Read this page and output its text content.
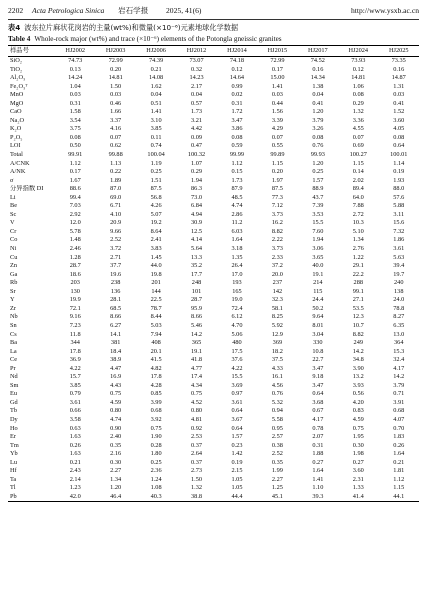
2202 Acta Petrologica Sinica 岩石学报 2025, 41(6)	http://www.ysxb.ac.cn
表4 波东拉片麻状花岗岩的主量(wt%)和微量(×10⁻⁶)元素地球化学数据
Table 4 Whole-rock major (wt%) and trace (×10⁻⁶) elements of the Potongla gneissic granites
样品号	HJ2002	HJ2003	HJ2006	HJ2012	HJ2014	HJ2015	HJ2017	HJ2024	HJ2025
SiO₂	74.73	72.99	74.39	73.07	74.18	72.99	74.52	73.93	73.35
TiO₂	0.13	0.20	0.21	0.32	0.12	0.17	0.16	0.12	0.16
Al₂O₃	14.24	14.81	14.08	14.23	14.64	15.00	14.34	14.81	14.87
Fe₂O₃ᵀ	1.04	1.50	1.62	2.17	0.99	1.41	1.38	1.06	1.31
MnO	0.03	0.03	0.04	0.04	0.02	0.03	0.04	0.08	0.03
MgO	0.31	0.46	0.51	0.57	0.31	0.44	0.41	0.29	0.41
CaO	1.58	1.66	1.41	1.73	1.72	1.56	1.20	1.32	1.52
Na₂O	3.54	3.37	3.10	3.21	3.47	3.39	3.79	3.36	3.60
K₂O	3.75	4.16	3.85	4.42	3.86	4.29	3.26	4.55	4.05
P₂O₅	0.08	0.07	0.11	0.09	0.08	0.07	0.08	0.07	0.08
LOI	0.50	0.62	0.74	0.47	0.59	0.55	0.76	0.69	0.64
Total	99.91	99.88	100.04	100.32	99.99	99.89	99.93	100.27	100.01
A/CNK	1.12	1.13	1.19	1.07	1.12	1.15	1.20	1.15	1.14
A/NK	0.17	0.22	0.25	0.29	0.15	0.20	0.25	0.14	0.19
σ	1.67	1.89	1.51	1.94	1.73	1.97	1.57	2.02	1.93
分异指数 DI	88.6	87.0	87.5	86.3	87.9	87.5	88.9	89.4	88.0
Li	99.4	69.0	56.8	73.0	48.5	77.3	43.7	64.0	57.6
Be	7.03	6.71	4.26	6.84	4.74	7.12	7.39	7.88	5.88
Sc	2.92	4.10	5.07	4.94	2.86	3.73	3.53	2.72	3.11
V	12.0	20.9	19.2	30.9	11.2	16.2	15.5	10.3	15.6
Cr	5.78	9.66	8.64	12.5	6.03	8.82	7.60	5.10	7.32
Co	1.48	2.52	2.41	4.14	1.64	2.22	1.94	1.34	1.86
Ni	2.46	3.72	3.83	5.64	3.18	3.73	3.06	2.76	3.61
Cu	1.28	2.71	1.45	13.3	1.35	2.33	3.65	1.22	5.63
Zn	28.7	37.7	44.0	35.2	26.4	37.2	40.0	29.1	39.4
Ga	18.6	19.6	19.8	17.7	17.0	20.0	19.1	22.2	19.7
Rb	203	238	201	248	193	237	214	288	240
Sr	130	136	144	101	165	142	115	99.1	138
Y	19.9	28.1	22.5	28.7	19.0	32.3	24.4	27.1	24.0
Zr	72.1	68.5	78.7	95.9	72.4	58.1	50.2	53.5	78.8
Nb	9.16	8.66	8.44	8.66	6.12	8.25	9.64	12.3	8.27
Sn	7.23	6.27	5.03	5.46	4.70	5.92	8.01	10.7	6.35
Cs	11.8	14.1	7.94	14.2	5.06	12.9	3.04	8.82	13.0
Ba	344	381	408	365	480	369	330	249	364
La	17.8	18.4	20.1	19.1	17.5	18.2	10.8	14.2	15.3
Ce	36.9	38.9	41.5	41.8	37.6	37.5	22.7	34.8	32.4
Pr	4.22	4.47	4.82	4.77	4.22	4.33	3.47	3.90	4.17
Nd	15.7	16.9	17.8	17.4	15.5	16.1	9.18	13.2	14.2
Sm	3.85	4.43	4.28	4.34	3.69	4.56	3.47	3.93	3.79
Eu	0.79	0.75	0.85	0.75	0.97	0.76	0.64	0.56	0.71
Gd	3.61	4.59	3.99	4.52	3.61	5.32	3.68	4.20	3.91
Tb	0.66	0.80	0.68	0.80	0.64	0.94	0.67	0.83	0.68
Dy	3.58	4.74	3.92	4.81	3.67	5.58	4.17	4.59	4.07
Ho	0.63	0.90	0.75	0.92	0.64	0.95	0.78	0.75	0.70
Er	1.63	2.40	1.90	2.53	1.57	2.57	2.07	1.95	1.83
Tm	0.26	0.35	0.28	0.37	0.23	0.38	0.31	0.30	0.26
Yb	1.63	2.16	1.80	2.64	1.42	2.52	1.88	1.98	1.64
Lu	0.21	0.30	0.25	0.37	0.19	0.35	0.27	0.27	0.21
Hf	2.43	2.27	2.36	2.73	2.15	1.99	1.64	3.60	1.81
Ta	2.14	1.34	1.24	1.50	1.05	2.27	1.41	2.31	1.12
Tl	1.23	1.20	1.08	1.32	1.05	1.25	1.10	1.33	1.15
Pb	42.0	46.4	40.3	38.8	44.4	45.1	39.3	41.4	44.1
